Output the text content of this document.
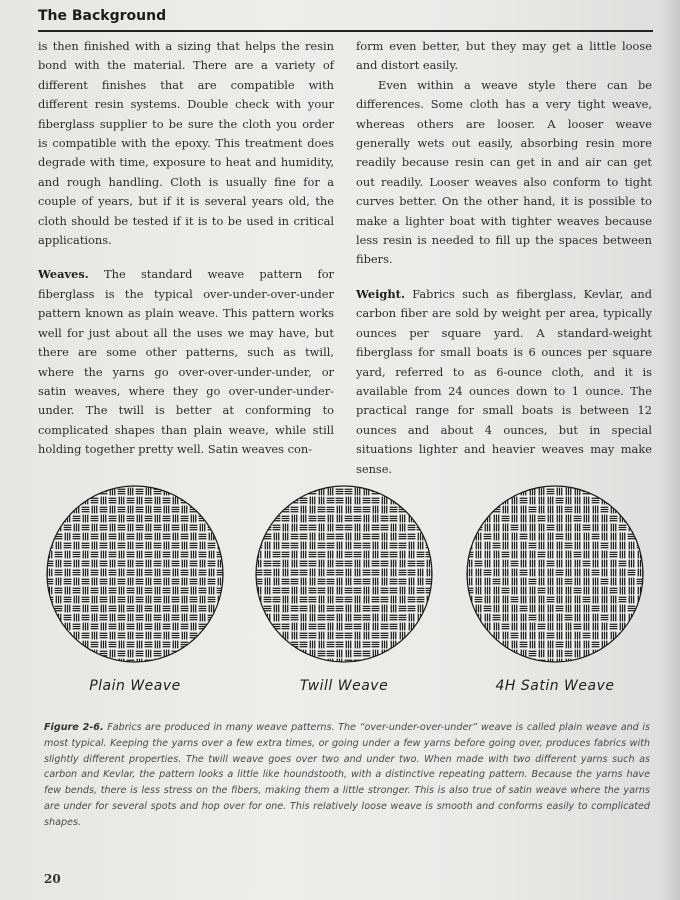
The Background

is then finished with a sizing that helps the resin bond with the material. There are a variety of different finishes that are compatible with different resin systems. Double check with your fiberglass supplier to be sure the cloth you order is compatible with the epoxy. This treatment does degrade with time, exposure to heat and humidity, and rough handling. Cloth is usually fine for a couple of years, but if it is several years old, the cloth should be tested if it is to be used in critical applications.

Weaves. The standard weave pattern for fiberglass is the typical over-under-over-under pattern known as plain weave. This pattern works well for just about all the uses we may have, but there are some other patterns, such as twill, where the yarns go over-over-under-under, or satin weaves, where they go over-under-under-under. The twill is better at conforming to complicated shapes than plain weave, while still holding together pretty well. Satin weaves con-

form even better, but they may get a little loose and distort easily.

Even within a weave style there can be differences. Some cloth has a very tight weave, whereas others are looser. A looser weave generally wets out easily, absorbing resin more readily because resin can get in and air can get out readily. Looser weaves also conform to tight curves better. On the other hand, it is possible to make a lighter boat with tighter weaves because less resin is needed to fill up the spaces between fibers.

Weight. Fabrics such as fiberglass, Kevlar, and carbon fiber are sold by weight per area, typically ounces per square yard. A standard-weight fiberglass for small boats is 6 ounces per square yard, referred to as 6-ounce cloth, and it is available from 24 ounces down to 1 ounce. The practical range for small boats is between 12 ounces and about 4 ounces, but in special situations lighter and heavier weaves may make sense.

Plain Weave	Twill Weave	4H Satin Weave
Figure 2-6. Fabrics are produced in many weave patterns. The “over-under-over-under” weave is called plain weave and is most typical. Keeping the yarns over a few extra times, or going under a few yarns before going over, produces fabrics with slightly different properties. The twill weave goes over two and under two. When made with two different yarns such as carbon and Kevlar, the pattern looks a little like houndstooth, with a distinctive repeating pattern. Because the yarns have few bends, there is less stress on the fibers, making them a little stronger. This is also true of satin weave where the yarns are under for several spots and hop over for one. This relatively loose weave is smooth and conforms easily to complicated shapes.
20
